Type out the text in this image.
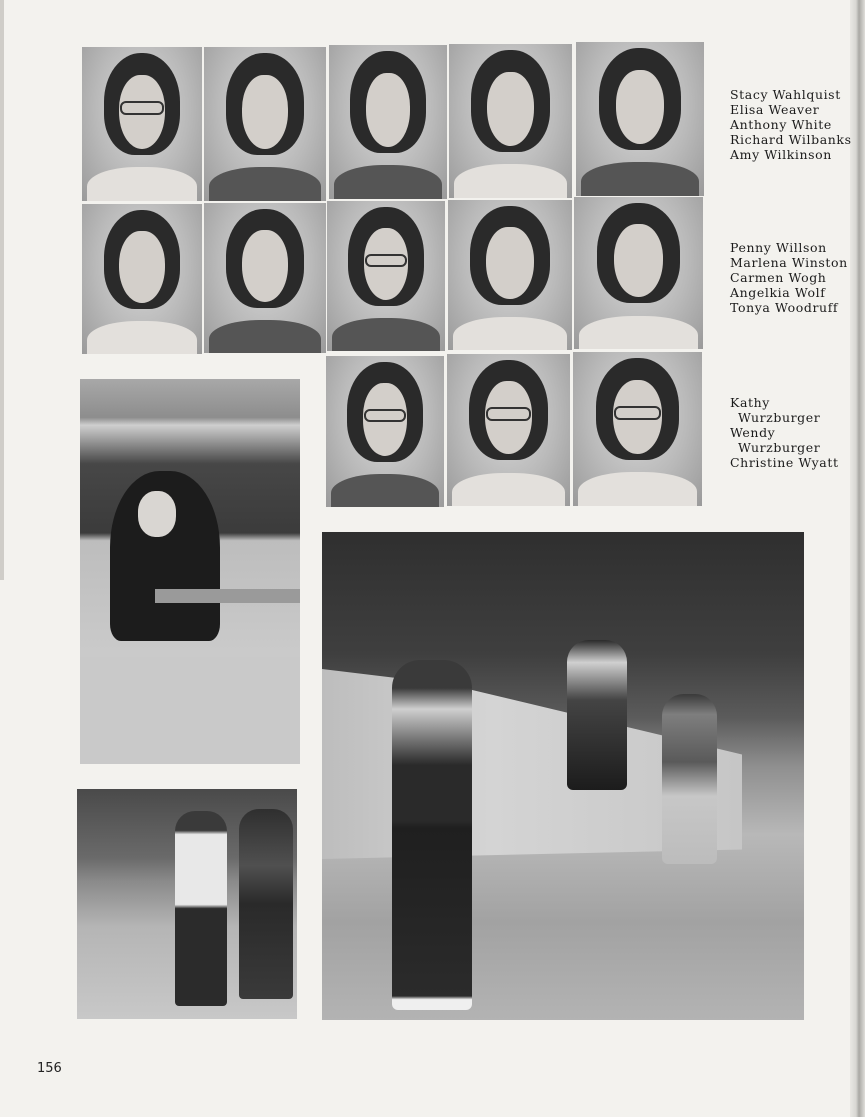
Stacy Wahlquist
Elisa Weaver
Anthony White
Richard Wilbanks
Amy Wilkinson
Penny Willson
Marlena Winston
Carmen Wogh
Angelkia Wolf
Tonya Woodruff
Kathy
Wurzburger
Wendy
Wurzburger
Christine Wyatt
156
